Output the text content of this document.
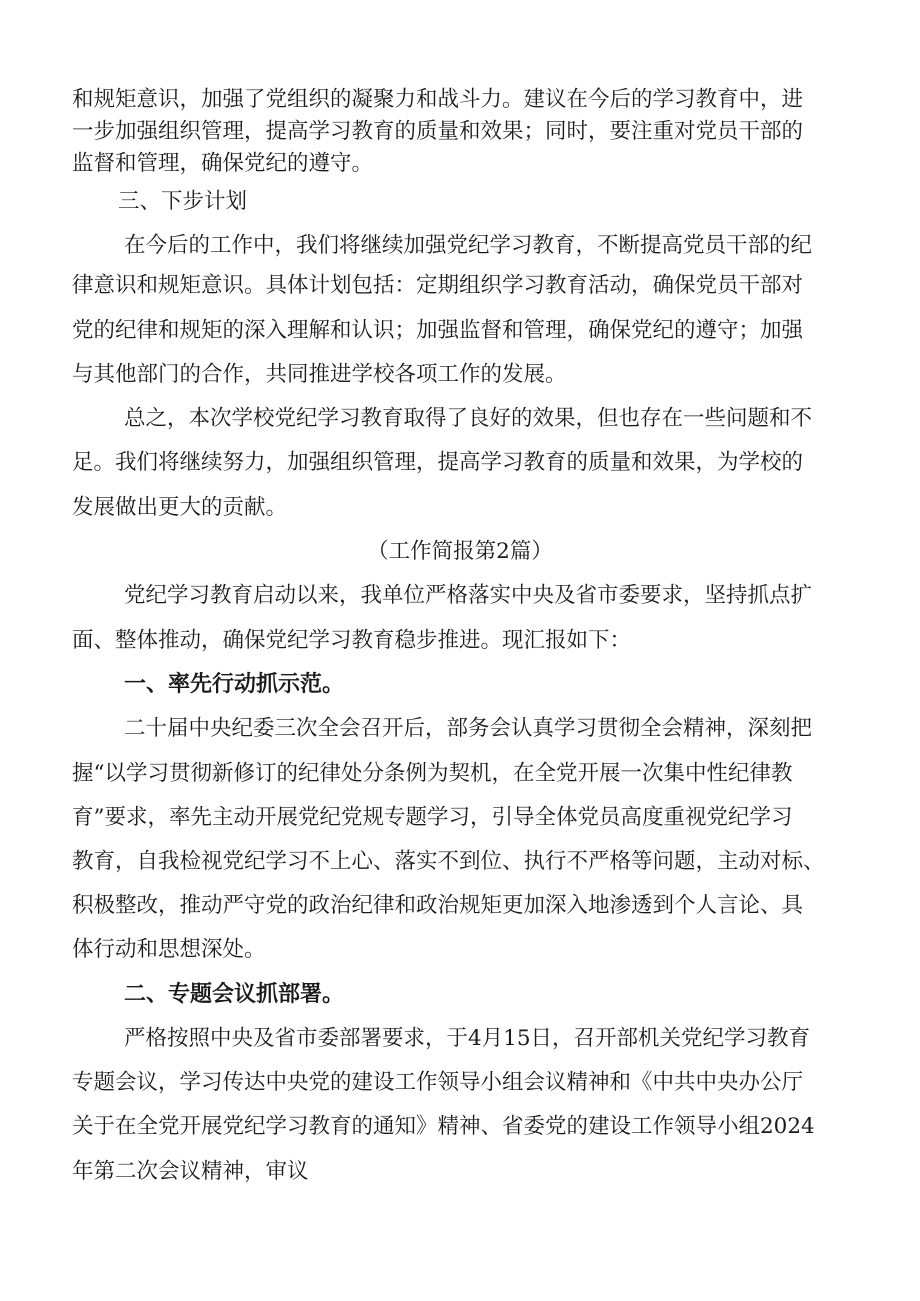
和规矩意识，加强了党组织的凝聚力和战斗力。建议在今后的学习教育中，进
一步加强组织管理，提高学习教育的质量和效果；同时，要注重对党员干部的
监督和管理，确保党纪的遵守。
三、下步计划
在今后的工作中，我们将继续加强党纪学习教育，不断提高党员干部的纪
律意识和规矩意识。具体计划包括：定期组织学习教育活动，确保党员干部对
党的纪律和规矩的深入理解和认识；加强监督和管理，确保党纪的遵守；加强
与其他部门的合作，共同推进学校各项工作的发展。
总之，本次学校党纪学习教育取得了良好的效果，但也存在一些问题和不
足。我们将继续努力，加强组织管理，提高学习教育的质量和效果，为学校的
发展做出更大的贡献。
（工作简报第2篇）
党纪学习教育启动以来，我单位严格落实中央及省市委要求，坚持抓点扩
面、整体推动，确保党纪学习教育稳步推进。现汇报如下：
一、率先行动抓示范。
二十届中央纪委三次全会召开后，部务会认真学习贯彻全会精神，深刻把
握“以学习贯彻新修订的纪律处分条例为契机，在全党开展一次集中性纪律教
育”要求，率先主动开展党纪党规专题学习，引导全体党员高度重视党纪学习
教育，自我检视党纪学习不上心、落实不到位、执行不严格等问题，主动对标、
积极整改，推动严守党的政治纪律和政治规矩更加深入地渗透到个人言论、具
体行动和思想深处。
二、专题会议抓部署。
严格按照中央及省市委部署要求，于4月15日，召开部机关党纪学习教育
专题会议，学习传达中央党的建设工作领导小组会议精神和《中共中央办公厅
关于在全党开展党纪学习教育的通知》精神、省委党的建设工作领导小组2024
年第二次会议精神，审议
